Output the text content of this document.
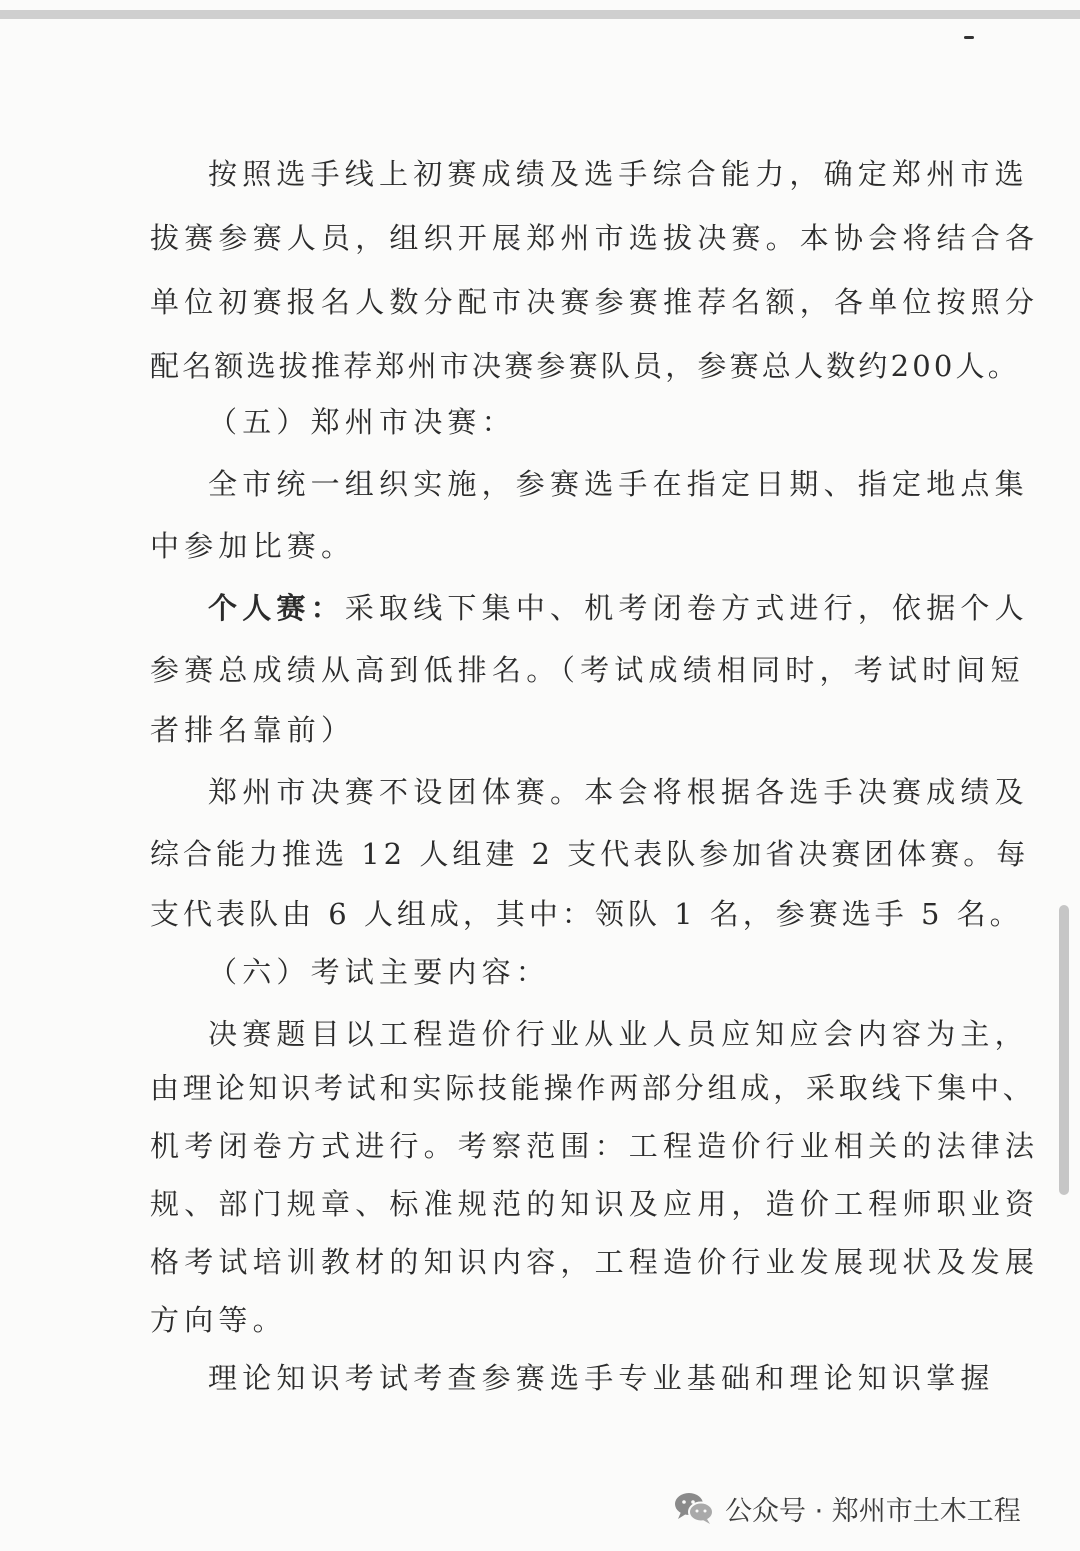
按照选手线上初赛成绩及选手综合能力，确定郑州市选
拔赛参赛人员，组织开展郑州市选拔决赛。本协会将结合各
单位初赛报名人数分配市决赛参赛推荐名额，各单位按照分
配名额选拔推荐郑州市决赛参赛队员，参赛总人数约200人。
（五）郑州市决赛：
全市统一组织实施，参赛选手在指定日期、指定地点集
中参加比赛。
个人赛：采取线下集中、机考闭卷方式进行，依据个人
参赛总成绩从高到低排名。（考试成绩相同时，考试时间短
者排名靠前）
郑州市决赛不设团体赛。本会将根据各选手决赛成绩及
综合能力推选 12 人组建 2 支代表队参加省决赛团体赛。每
支代表队由 6 人组成，其中：领队 1 名，参赛选手 5 名。
（六）考试主要内容：
决赛题目以工程造价行业从业人员应知应会内容为主，
由理论知识考试和实际技能操作两部分组成，采取线下集中、
机考闭卷方式进行。考察范围：工程造价行业相关的法律法
规、部门规章、标准规范的知识及应用，造价工程师职业资
格考试培训教材的知识内容，工程造价行业发展现状及发展
方向等。
理论知识考试考查参赛选手专业基础和理论知识掌握
公众号 · 郑州市土木工程
